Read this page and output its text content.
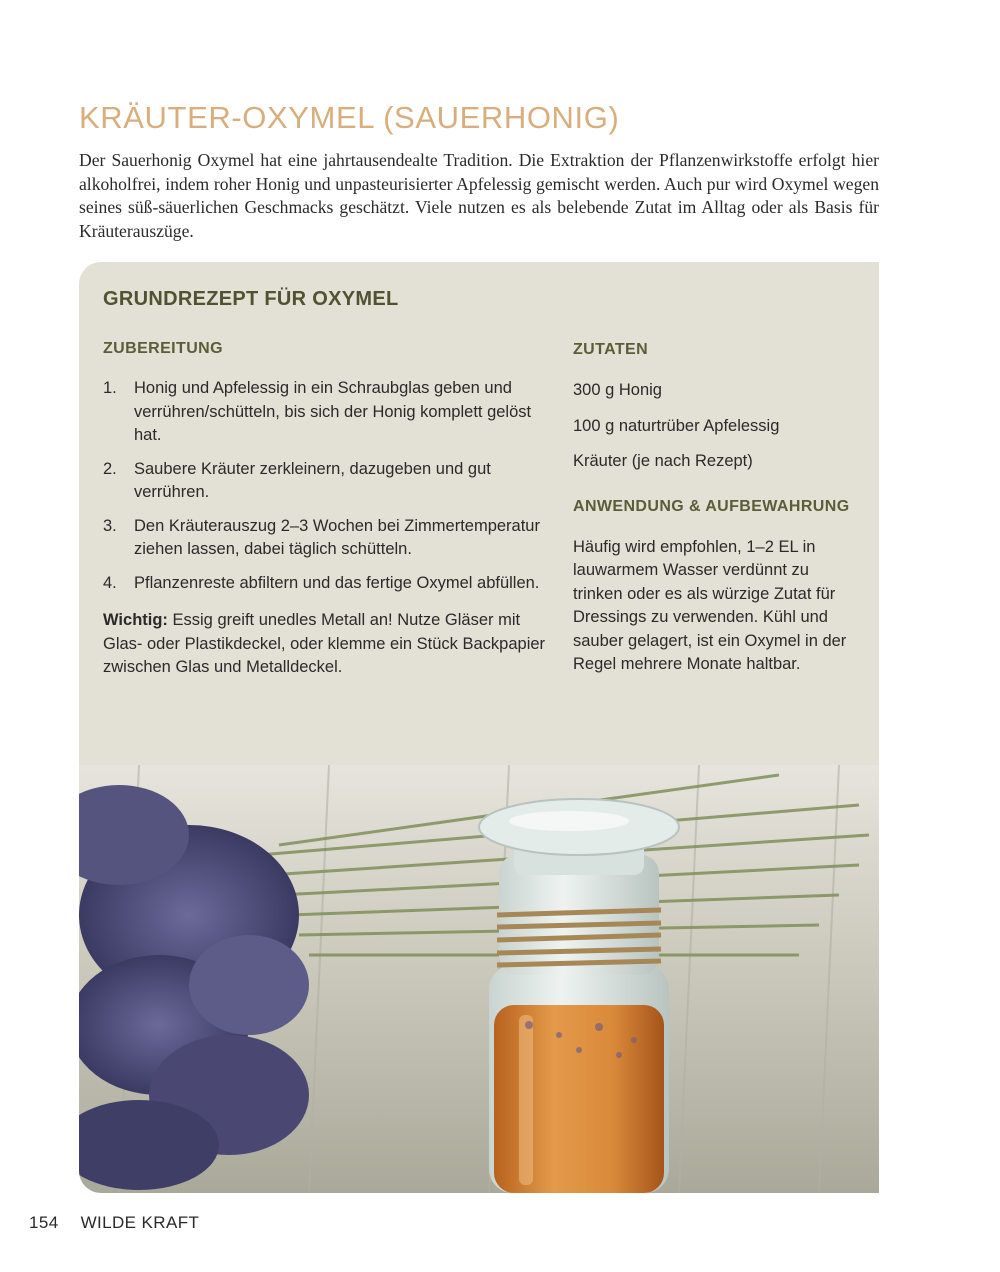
KRÄUTER-OXYMEL (SAUERHONIG)

Der Sauerhonig Oxymel hat eine jahrtausendealte Tradition. Die Extraktion der Pflanzenwirkstoffe erfolgt hier alkoholfrei, indem roher Honig und unpasteurisierter Apfelessig gemischt werden. Auch pur wird Oxymel wegen seines süß-säuerlichen Geschmacks geschätzt. Viele nutzen es als belebende Zutat im Alltag oder als Basis für Kräuterauszüge.

GRUNDREZEPT FÜR OXYMEL
ZUBEREITUNG
1.	Honig und Apfelessig in ein Schraubglas geben und verrühren/schütteln, bis sich der Honig komplett gelöst hat.
2.	Saubere Kräuter zerkleinern, dazugeben und gut verrühren.
3.	Den Kräuterauszug 2–3 Wochen bei Zimmertemperatur ziehen lassen, dabei täglich schütteln.
4.	Pflanzenreste abfiltern und das fertige Oxymel abfüllen.

Wichtig: Essig greift unedles Metall an! Nutze Gläser mit Glas- oder Plastikdeckel, oder klemme ein Stück Backpapier zwischen Glas und Metalldeckel.

ZUTATEN
300 g Honig
100 g naturtrüber Apfelessig
Kräuter (je nach Rezept)
ANWENDUNG & AUFBEWAHRUNG

Häufig wird empfohlen, 1–2 EL in lauwarmem Wasser verdünnt zu trinken oder es als würzige Zutat für Dressings zu verwenden. Kühl und sauber gelagert, ist ein Oxymel in der Regel mehrere Monate haltbar.

154 WILDE KRAFT
